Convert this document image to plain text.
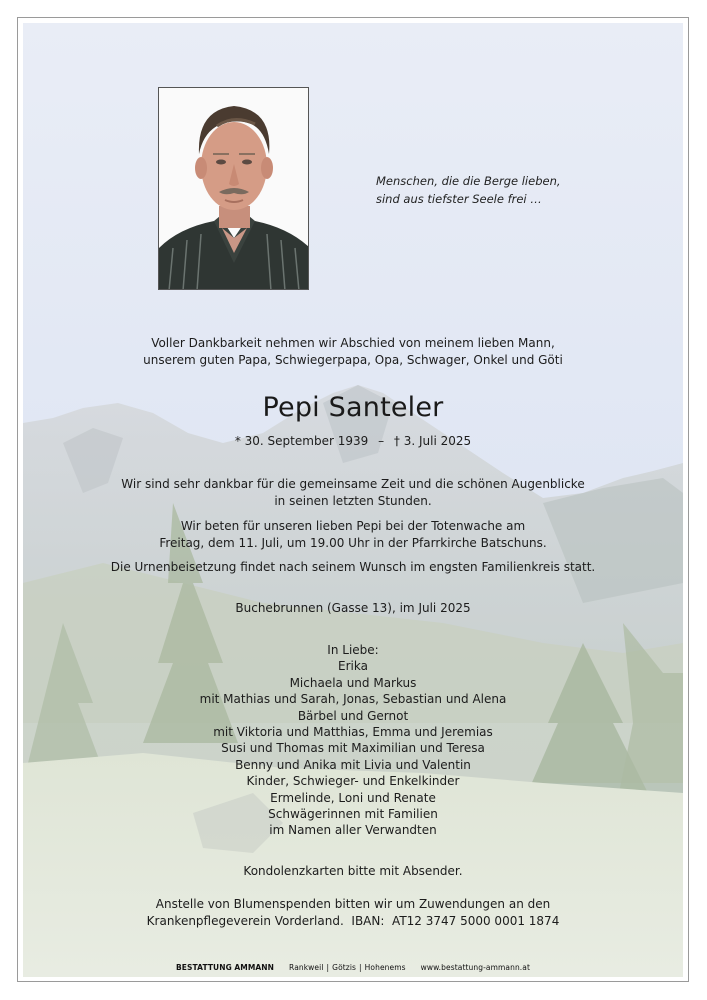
Menschen, die die Berge lieben,
sind aus tiefster Seele frei …
Voller Dankbarkeit nehmen wir Abschied von meinem lieben Mann,
unserem guten Papa, Schwiegerpapa, Opa, Schwager, Onkel und Göti
Pepi Santeler
* 30. September 1939 – † 3. Juli 2025
Wir sind sehr dankbar für die gemeinsame Zeit und die schönen Augenblicke
in seinen letzten Stunden.
Wir beten für unseren lieben Pepi bei der Totenwache am
Freitag, dem 11. Juli, um 19.00 Uhr in der Pfarrkirche Batschuns.
Die Urnenbeisetzung findet nach seinem Wunsch im engsten Familienkreis statt.
Buchebrunnen (Gasse 13), im Juli 2025
In Liebe:
Erika
Michaela und Markus
mit Mathias und Sarah, Jonas, Sebastian und Alena
Bärbel und Gernot
mit Viktoria und Matthias, Emma und Jeremias
Susi und Thomas mit Maximilian und Teresa
Benny und Anika mit Livia und Valentin
Kinder, Schwieger- und Enkelkinder
Ermelinde, Loni und Renate
Schwägerinnen mit Familien
im Namen aller Verwandten
Kondolenzkarten bitte mit Absender.
Anstelle von Blumenspenden bitten wir um Zuwendungen an den
Krankenpflegeverein Vorderland.  IBAN:  AT12 3747 5000 0001 1874
BESTATTUNG AMMANN Rankweil | Götzis | Hohenems www.bestattung-ammann.at
